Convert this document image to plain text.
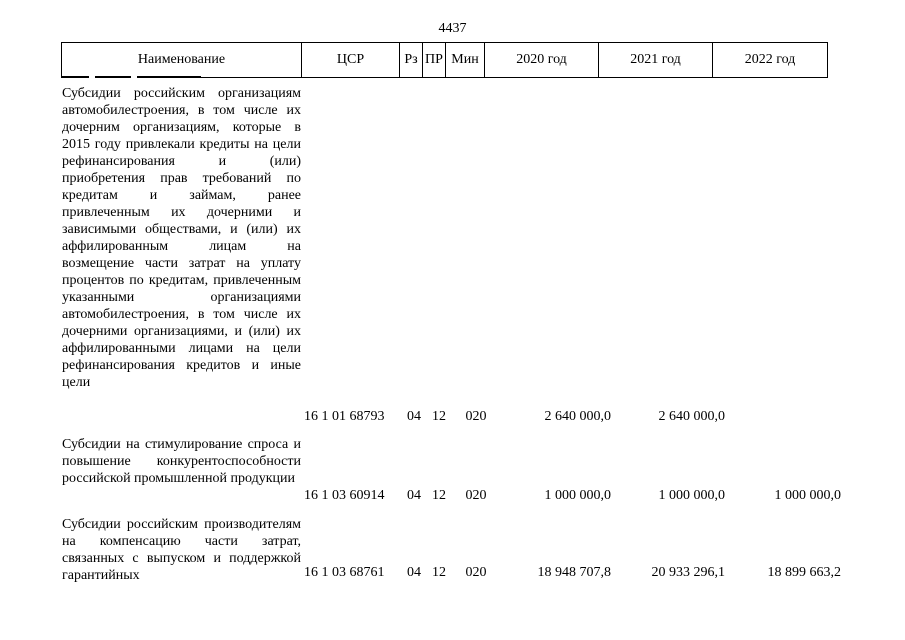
4437
Наименование	ЦСР	Рз	ПР	Мин	2020 год	2021 год	2022 год
Субсидии российским организациям автомобилестроения, в том числе их дочерним организациям, которые в 2015 году привлекали кредиты на цели рефинансирования и (или) приобретения прав требований по кредитам и займам, ранее привлеченным их дочерними и зависимыми обществами, и (или) их аффилированным лицам на возмещение части затрат на уплату процентов по кредитам, привлеченным указанными организациями автомобилестроения, в том числе их дочерними организациями, и (или) их аффилированными лицами на цели рефинансирования кредитов и иные цели
16 1 01 68793	04 12	020	2 640 000,0	2 640 000,0
Субсидии на стимулирование спроса и повышение конкурентоспособности российской промышленной продукции
16 1 03 60914	04 12	020	1 000 000,0	1 000 000,0	1 000 000,0
Субсидии российским производителям на компенсацию части затрат, связанных с выпуском и поддержкой гарантийных	16 1 03 68761	04 12	020	18 948 707,8	20 933 296,1	18 899 663,2
